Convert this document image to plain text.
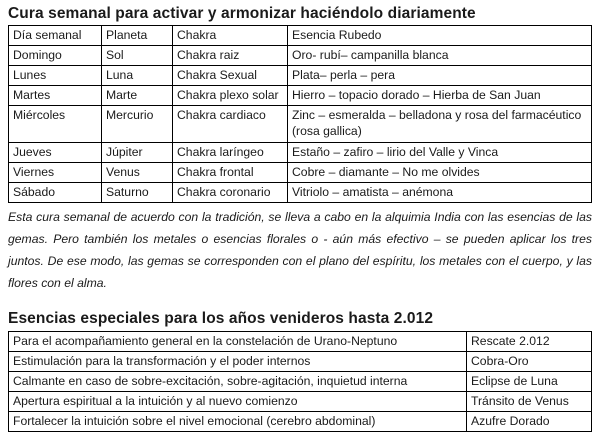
Cura semanal para activar y armonizar haciéndolo diariamente
Día semanal	Planeta	Chakra	Esencia Rubedo
Domingo	Sol	Chakra raiz	Oro- rubí– campanilla blanca
Lunes	Luna	Chakra Sexual	Plata– perla – pera
Martes	Marte	Chakra plexo solar	Hierro – topacio dorado – Hierba de San Juan
Miércoles	Mercurio	Chakra cardiaco	Zinc – esmeralda – belladona y rosa del farmacéutico (rosa gallica)
Jueves	Júpiter	Chakra laríngeo	Estaño – zafiro – lirio del Valle y Vinca
Viernes	Venus	Chakra frontal	Cobre – diamante – No me olvides
Sábado	Saturno	Chakra coronario	Vitriolo – amatista – anémona
Esta cura semanal de acuerdo con la tradición, se lleva a cabo en la alquimia India con las esencias de las gemas. Pero también los metales o esencias florales o - aún más efectivo – se pueden aplicar los tres juntos. De ese modo, las gemas se corresponden con el plano del espíritu, los metales con el cuerpo, y las flores con el alma.
Esencias especiales para los años venideros hasta 2.012
Para el acompañamiento general en la constelación de Urano-Neptuno	Rescate 2.012
Estimulación para la transformación y el poder internos	Cobra-Oro
Calmante en caso de sobre-excitación, sobre-agitación, inquietud interna	Eclipse de Luna
Apertura espiritual a la intuición y al nuevo comienzo	Tránsito de Venus
Fortalecer la intuición sobre el nivel emocional (cerebro abdominal)	Azufre Dorado
